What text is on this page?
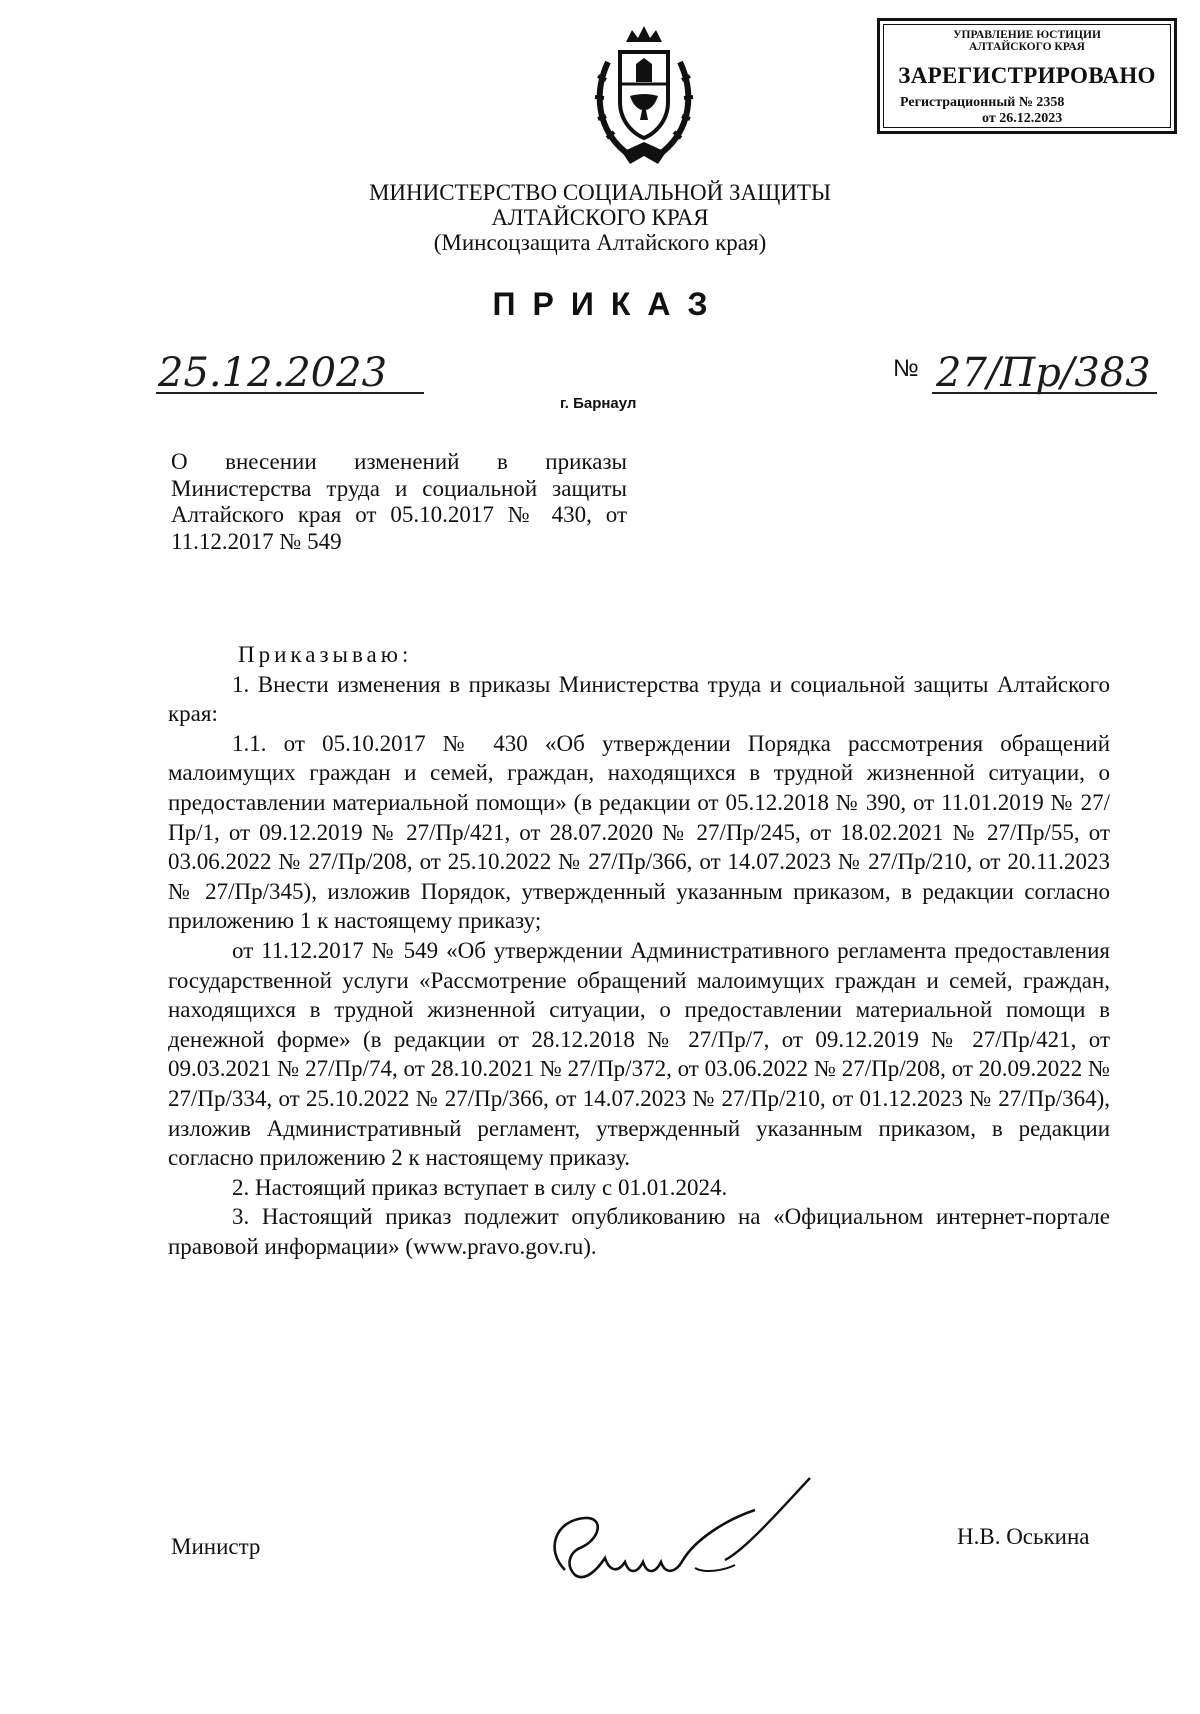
УПРАВЛЕНИЕ ЮСТИЦИИ
АЛТАЙСКОГО КРАЯ
ЗАРЕГИСТРИРОВАНО
Регистрационный № 2358
от 26.12.2023
МИНИСТЕРСТВО СОЦИАЛЬНОЙ ЗАЩИТЫ
АЛТАЙСКОГО КРАЯ
(Минсоцзащита Алтайского края)
ПРИКАЗ
25.12.2023	№ 27/Пр/383
г. Барнаул
О внесении изменений в приказы Министерства труда и социальной защиты Алтайского края от 05.10.2017 № 430, от 11.12.2017 № 549

Приказываю:

1. Внести изменения в приказы Министерства труда и социальной защиты Алтайского края:

1.1. от 05.10.2017 № 430 «Об утверждении Порядка рассмотрения обращений малоимущих граждан и семей, граждан, находящихся в трудной жизненной ситуации, о предоставлении материальной помощи» (в редакции от 05.12.2018 № 390, от 11.01.2019 № 27/Пр/1, от 09.12.2019 № 27/Пр/421, от 28.07.2020 № 27/Пр/245, от 18.02.2021 № 27/Пр/55, от 03.06.2022 № 27/Пр/208, от 25.10.2022 № 27/Пр/366, от 14.07.2023 № 27/Пр/210, от 20.11.2023 № 27/Пр/345), изложив Порядок, утвержденный указанным приказом, в редакции согласно приложению 1 к настоящему приказу;

от 11.12.2017 № 549 «Об утверждении Административного регламента предоставления государственной услуги «Рассмотрение обращений малоимущих граждан и семей, граждан, находящихся в трудной жизненной ситуации, о предоставлении материальной помощи в денежной форме» (в редакции от 28.12.2018 № 27/Пр/7, от 09.12.2019 № 27/Пр/421, от 09.03.2021 № 27/Пр/74, от 28.10.2021 № 27/Пр/372, от 03.06.2022 № 27/Пр/208, от 20.09.2022 № 27/Пр/334, от 25.10.2022 № 27/Пр/366, от 14.07.2023 № 27/Пр/210, от 01.12.2023 № 27/Пр/364), изложив Административный регламент, утвержденный указанным приказом, в редакции согласно приложению 2 к настоящему приказу.

2. Настоящий приказ вступает в силу с 01.01.2024.

3. Настоящий приказ подлежит опубликованию на «Официальном интернет-портале правовой информации» (www.pravo.gov.ru).

Министр	Н.В. Оськина
